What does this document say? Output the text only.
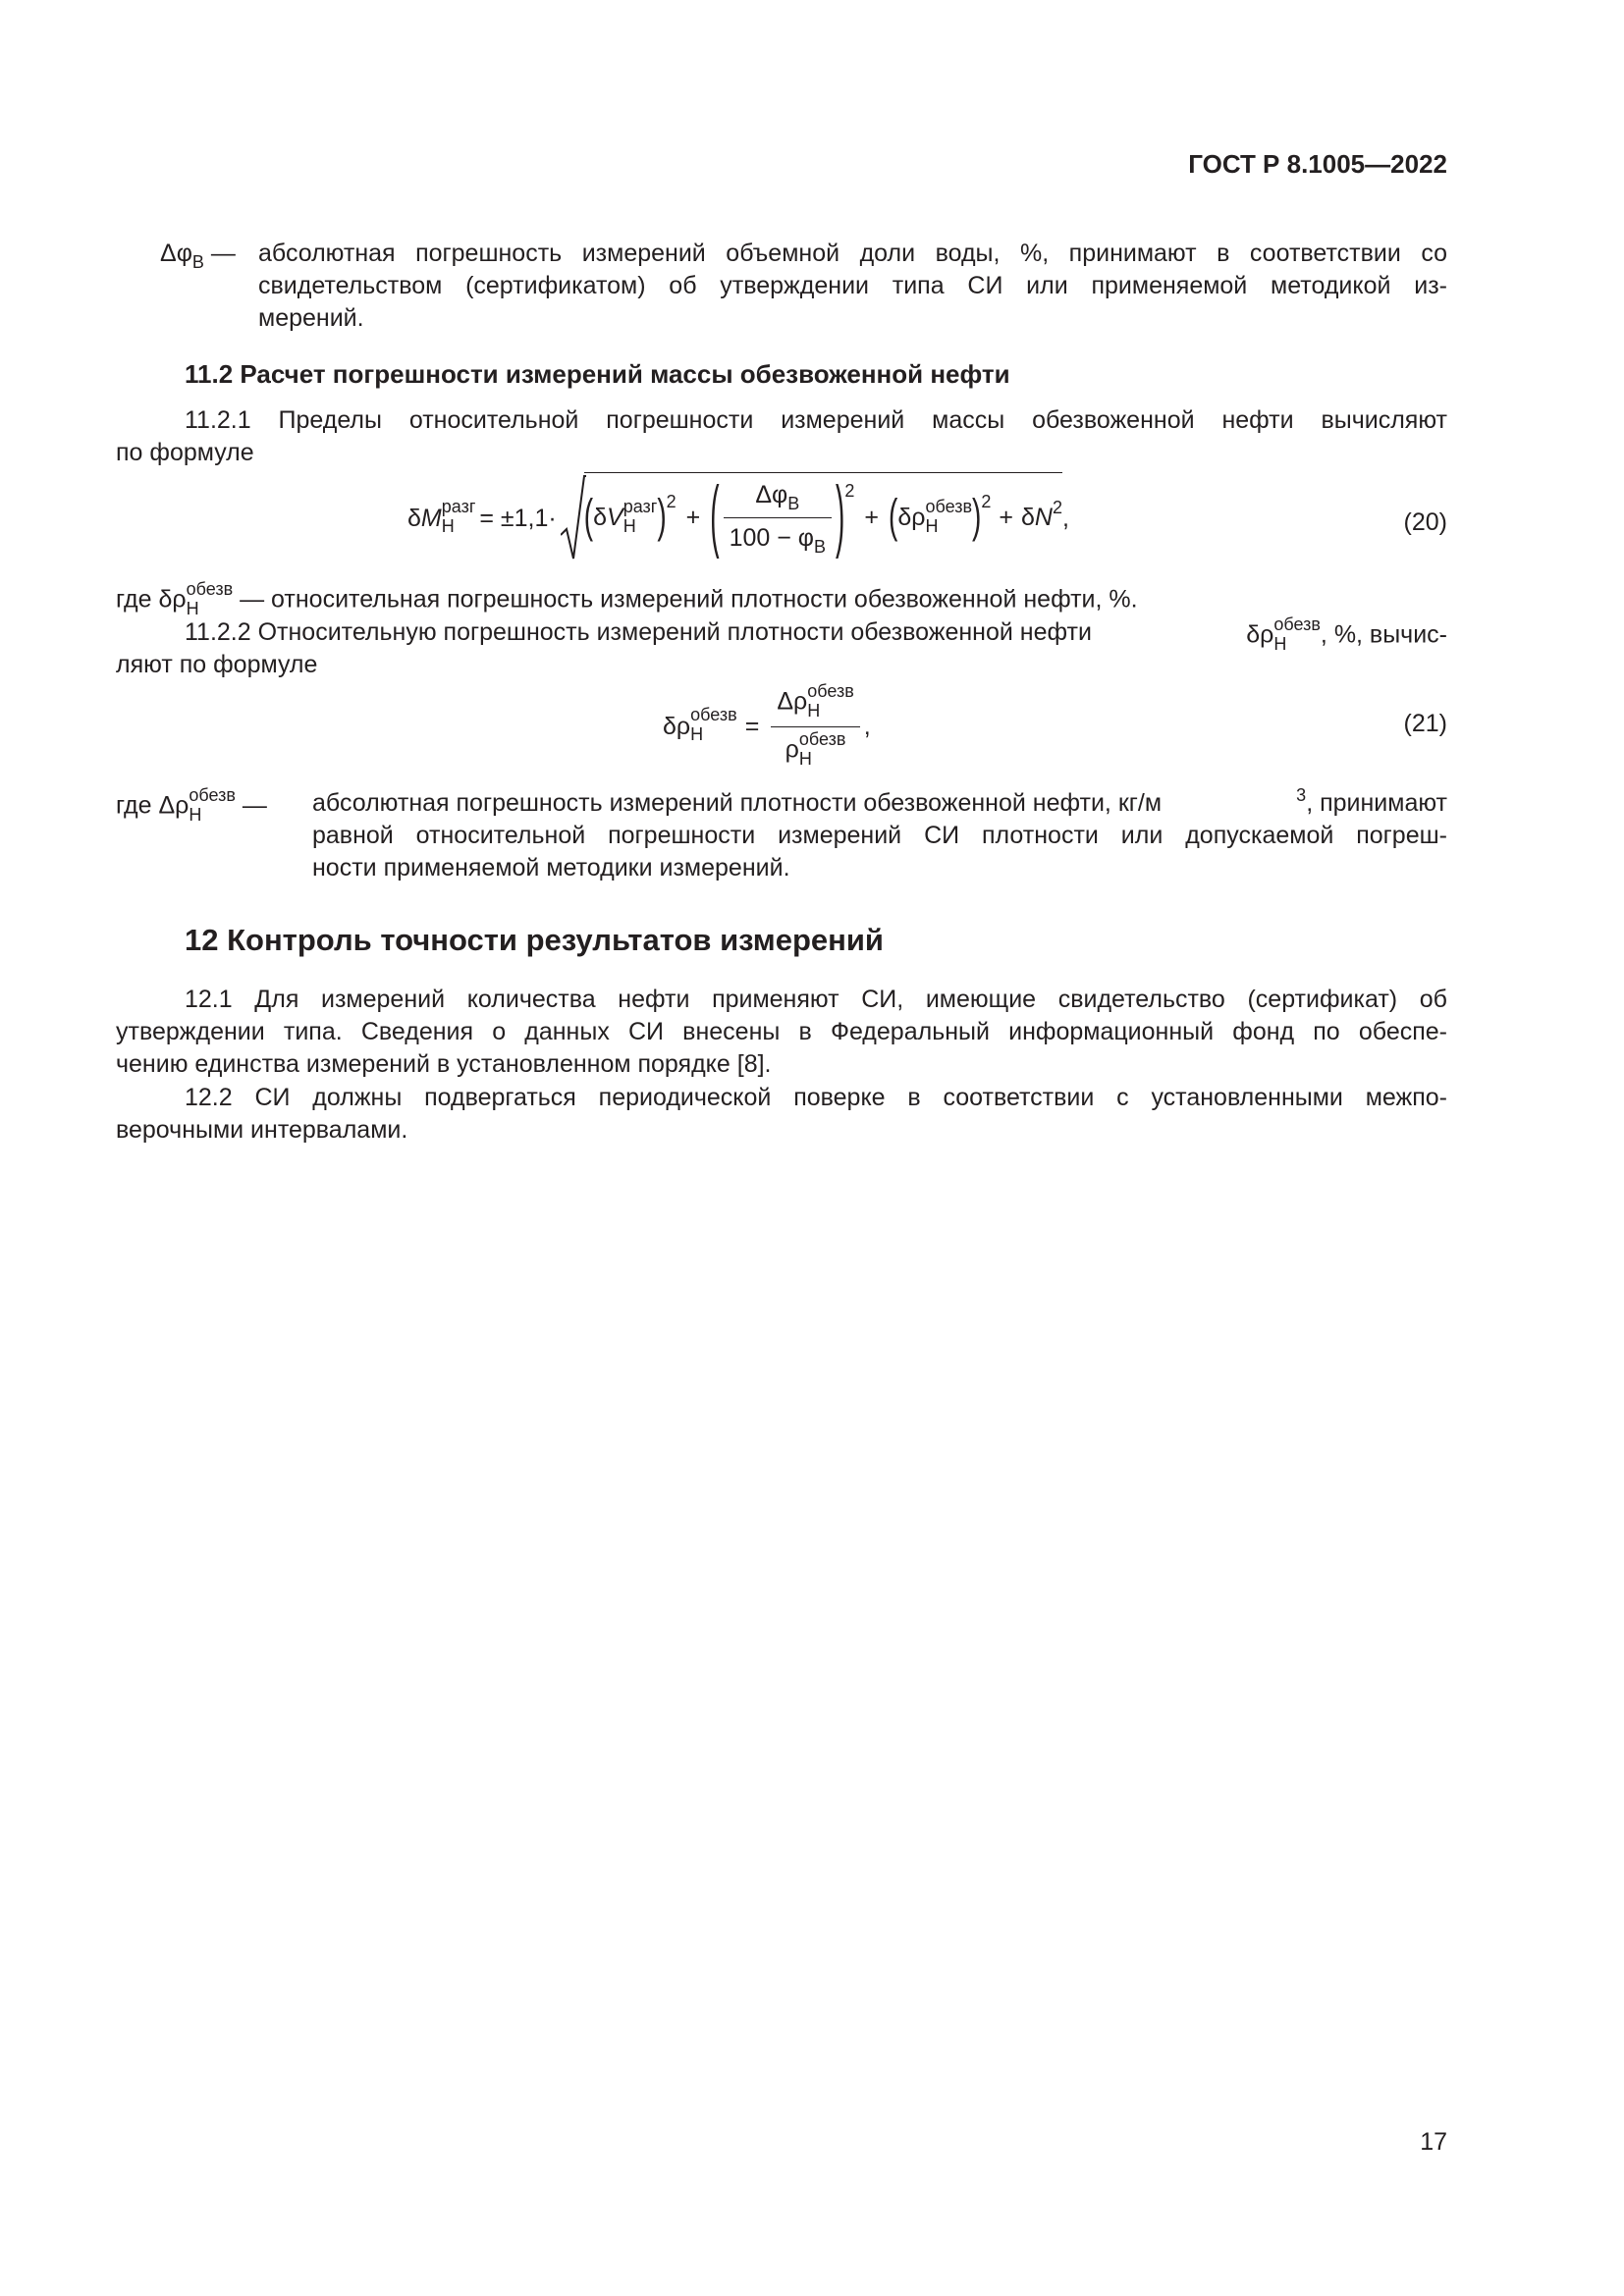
ГОСТ Р 8.1005—2022
$\Delta\varphi_В$ — абсолютная погрешность измерений объемной доли воды, %, принимают в соответствии со
свидетельством (сертификатом) об утверждении типа СИ или применяемой методикой из-
мерений.
11.2 Расчет погрешности измерений массы обезвоженной нефти
11.2.1 Пределы относительной погрешности измерений массы обезвоженной нефти вычисляют
по формуле
δ M разг
Н	= ±1,1· ( δ V разг
Н ) 2
+ ( $\frac{\Delta\varphi_В}{100 - \varphi_В}$ ) 2
+ ( δρ обезв
Н	) 2
+ δ N 2 ,	(20)
где δρ обезв
Н	— относительная погрешность измерений плотности обезвоженной нефти, %.
11.2.2 Относительную погрешность измерений плотности обезвоженной нефти	δρ обезв
Н	, %, вычис-
ляют по формуле
δρ обезв
Н	= Δρ обезв
Н
ρ обезв
Н ,	(21)
где Δρ обезв
Н	—	абсолютная погрешность измерений плотности обезвоженной нефти, кг/м	$^3$, принимают
равной относительной погрешности измерений СИ плотности или допускаемой погреш-
ности применяемой методики измерений.
12 Контроль точности результатов измерений
12.1 Для измерений количества нефти применяют СИ, имеющие свидетельство (сертификат) об
утверждении типа. Сведения о данных СИ внесены в Федеральный информационный фонд по обеспе-
чению единства измерений в установленном порядке [8].
12.2 СИ должны подвергаться периодической поверке в соответствии с установленными межпо-
верочными интервалами.
17
